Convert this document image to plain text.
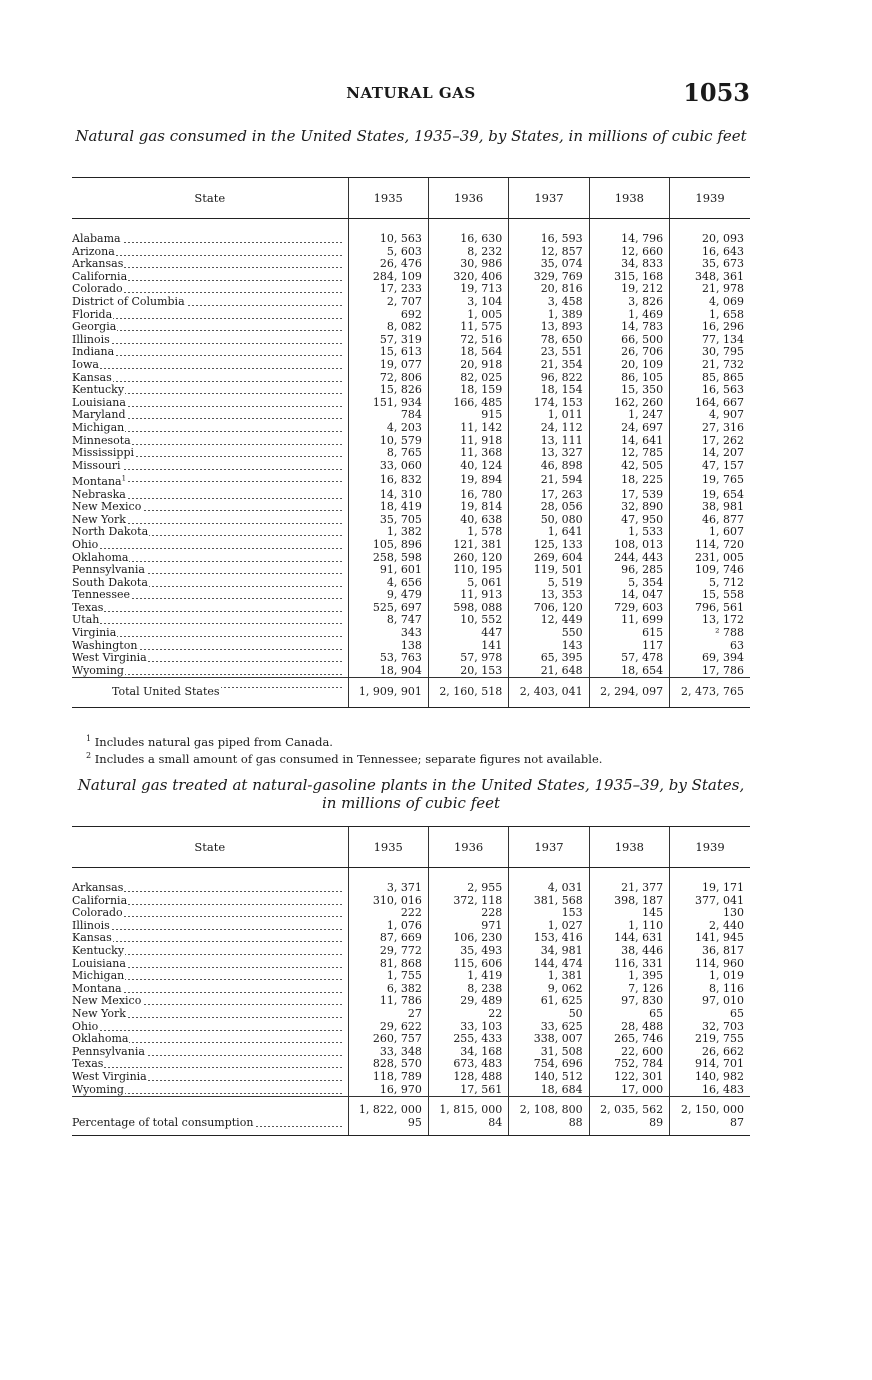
NATURAL GAS	1053
Natural gas consumed in the United States, 1935–39, by States, in millions of cubic feet
State	1935	1936	1937	1938	1939

Alabama	10, 563	16, 630	16, 593	14, 796	20, 093
Arizona	5, 603	8, 232	12, 857	12, 660	16, 643
Arkansas	26, 476	30, 986	35, 074	34, 833	35, 673
California	284, 109	320, 406	329, 769	315, 168	348, 361
Colorado	17, 233	19, 713	20, 816	19, 212	21, 978
District of Columbia	2, 707	3, 104	3, 458	3, 826	4, 069
Florida	692	1, 005	1, 389	1, 469	1, 658
Georgia	8, 082	11, 575	13, 893	14, 783	16, 296
Illinois	57, 319	72, 516	78, 650	66, 500	77, 134
Indiana	15, 613	18, 564	23, 551	26, 706	30, 795
Iowa	19, 077	20, 918	21, 354	20, 109	21, 732
Kansas	72, 806	82, 025	96, 822	86, 105	85, 865
Kentucky	15, 826	18, 159	18, 154	15, 350	16, 563
Louisiana	151, 934	166, 485	174, 153	162, 260	164, 667
Maryland	784	915	1, 011	1, 247	4, 907
Michigan	4, 203	11, 142	24, 112	24, 697	27, 316
Minnesota	10, 579	11, 918	13, 111	14, 641	17, 262
Mississippi	8, 765	11, 368	13, 327	12, 785	14, 207
Missouri	33, 060	40, 124	46, 898	42, 505	47, 157
Montana$^1$	16, 832	19, 894	21, 594	18, 225	19, 765
Nebraska	14, 310	16, 780	17, 263	17, 539	19, 654
New Mexico	18, 419	19, 814	28, 056	32, 890	38, 981
New York	35, 705	40, 638	50, 080	47, 950	46, 877
North Dakota	1, 382	1, 578	1, 641	1, 533	1, 607
Ohio	105, 896	121, 381	125, 133	108, 013	114, 720
Oklahoma	258, 598	260, 120	269, 604	244, 443	231, 005
Pennsylvania	91, 601	110, 195	119, 501	96, 285	109, 746
South Dakota	4, 656	5, 061	5, 519	5, 354	5, 712
Tennessee	9, 479	11, 913	13, 353	14, 047	15, 558
Texas	525, 697	598, 088	706, 120	729, 603	796, 561
Utah	8, 747	10, 552	12, 449	11, 699	13, 172
Virginia	343	447	550	615	² 788
Washington	138	141	143	117	63
West Virginia	53, 763	57, 978	65, 395	57, 478	69, 394
Wyoming	18, 904	20, 153	21, 648	18, 654	17, 786
Total United States	1, 909, 901	2, 160, 518	2, 403, 041	2, 294, 097	2, 473, 765
$^1$ Includes natural gas piped from Canada.
$^2$ Includes a small amount of gas consumed in Tennessee; separate figures not available.
Natural gas treated at natural-gasoline plants in the United States, 1935–39, by States, in millions of cubic feet
State	1935	1936	1937	1938	1939

Arkansas	3, 371	2, 955	4, 031	21, 377	19, 171
California	310, 016	372, 118	381, 568	398, 187	377, 041
Colorado	222	228	153	145	130
Illinois	1, 076	971	1, 027	1, 110	2, 440
Kansas	87, 669	106, 230	153, 416	144, 631	141, 945
Kentucky	29, 772	35, 493	34, 981	38, 446	36, 817
Louisiana	81, 868	115, 606	144, 474	116, 331	114, 960
Michigan	1, 755	1, 419	1, 381	1, 395	1, 019
Montana	6, 382	8, 238	9, 062	7, 126	8, 116
New Mexico	11, 786	29, 489	61, 625	97, 830	97, 010
New York	27	22	50	65	65
Ohio	29, 622	33, 103	33, 625	28, 488	32, 703
Oklahoma	260, 757	255, 433	338, 007	265, 746	219, 755
Pennsylvania	33, 348	34, 168	31, 508	22, 600	26, 662
Texas	828, 570	673, 483	754, 696	752, 784	914, 701
West Virginia	118, 789	128, 488	140, 512	122, 301	140, 982
Wyoming	16, 970	17, 561	18, 684	17, 000	16, 483
	1, 822, 000	1, 815, 000	2, 108, 800	2, 035, 562	2, 150, 000
Percentage of total consumption	95	84	88	89	87
